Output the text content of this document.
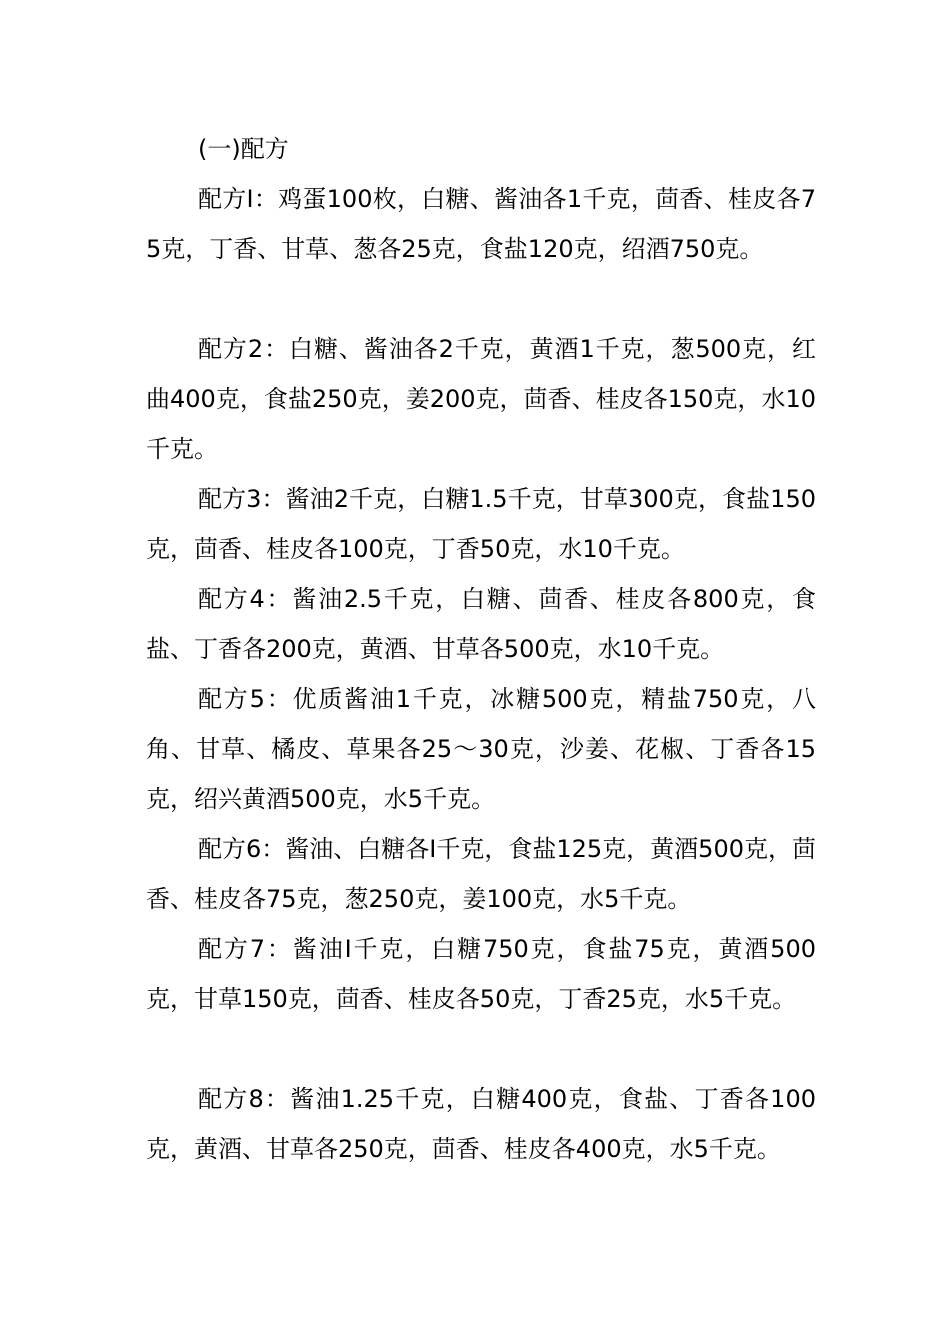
(一)配方

配方I：鸡蛋100枚，白糖、酱油各1千克，茴香、桂皮各75克，丁香、甘草、葱各25克，食盐120克，绍酒750克。

配方2：白糖、酱油各2千克，黄酒1千克，葱500克，红曲400克，食盐250克，姜200克，茴香、桂皮各150克，水10千克。

配方3：酱油2千克，白糖1.5千克，甘草300克，食盐150克，茴香、桂皮各100克，丁香50克，水10千克。

配方4：酱油2.5千克，白糖、茴香、桂皮各800克，食盐、丁香各200克，黄酒、甘草各500克，水10千克。

配方5：优质酱油1千克，冰糖500克，精盐750克，八角、甘草、橘皮、草果各25～30克，沙姜、花椒、丁香各15克，绍兴黄酒500克，水5千克。

配方6：酱油、白糖各I千克，食盐125克，黄酒500克，茴香、桂皮各75克，葱250克，姜100克，水5千克。

配方7：酱油I千克，白糖750克，食盐75克，黄酒500克，甘草150克，茴香、桂皮各50克，丁香25克，水5千克。

配方8：酱油1.25千克，白糖400克，食盐、丁香各100克，黄酒、甘草各250克，茴香、桂皮各400克，水5千克。
